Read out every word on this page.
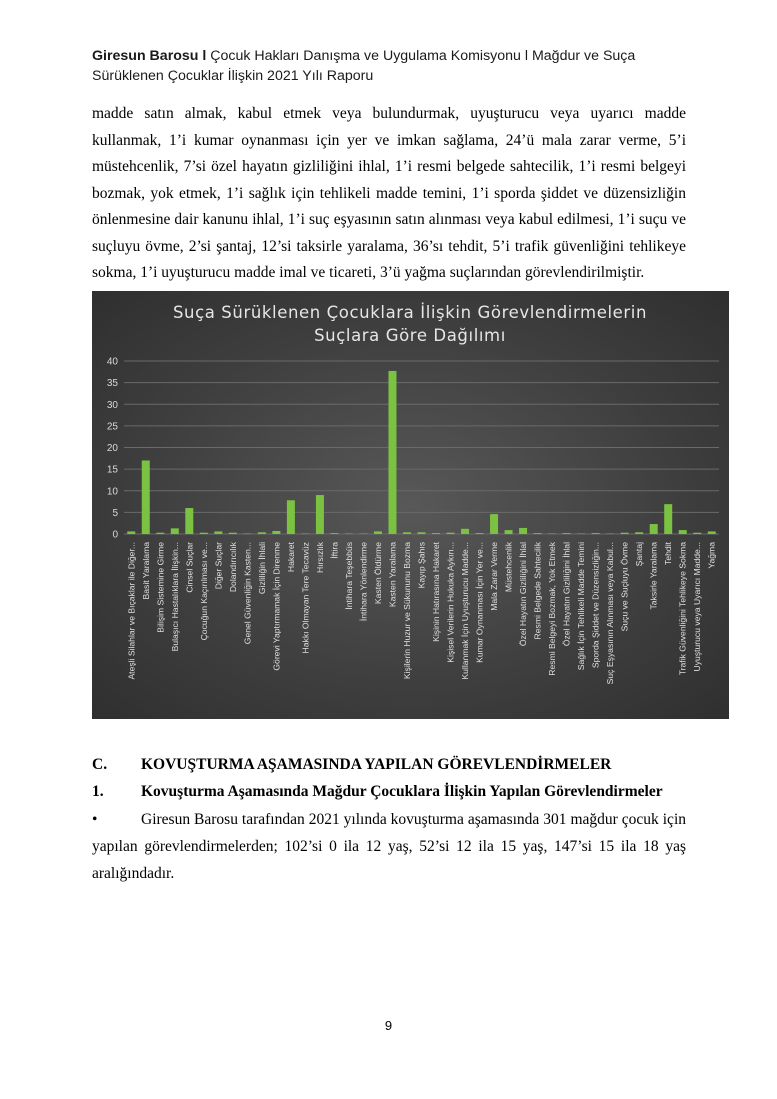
Giresun Barosu l Çocuk Hakları Danışma ve Uygulama Komisyonu l Mağdur ve Suça Sürüklenen Çocuklar İlişkin 2021 Yılı Raporu

madde satın almak, kabul etmek veya bulundurmak, uyuşturucu veya uyarıcı madde kullanmak, 1’i kumar oynanması için yer ve imkan sağlama, 24’ü mala zarar verme, 5’i müstehcenlik, 7’si özel hayatın gizliliğini ihlal, 1’i resmi belgede sahtecilik, 1’i resmi belgeyi bozmak, yok etmek, 1’i sağlık için tehlikeli madde temini, 1’i sporda şiddet ve düzensizliğin önlenmesine dair kanunu ihlal, 1’i suç eşyasının satın alınması veya kabul edilmesi, 1’i suçu ve suçluyu övme, 2’si şantaj, 12’si taksirle yaralama, 36’sı tehdit, 5’i trafik güvenliğini tehlikeye sokma, 1’i uyuşturucu madde imal ve ticareti, 3’ü yağma suçlarından görevlendirilmiştir.

Suça Sürüklenen Çocuklara İlişkin Görevlendirmelerin
Suçlara Göre Dağılımı
0
5
10
15
20
25
30
35
40
Ateşli Silahlar ve Bıçaklar ile Diğer... Basit Yaralama Bilişim Sistemine Girme Bulaşıcı Hastalıklara İlişkin... Cinsel Suçlar Çocuğun Kaçırılması ve... Diğer Suçlar Dolandırıcılık Genel Güvenliğin Kasten... Gizliliğin İhlali Görevi Yaptırmamak İçin Direnme Hakaret Hakkı Olmayan Tere Tecavüz Hırsızlık İftira İntihara Teşebbüs İntihara Yönlendirme Kasten Öldürme Kasten Yaralama Kişilerin Huzur ve Sükununu Bozma Kayıp Şahıs Kişinin Hatırasına Hakaret Kişisel Verilerin Hukuka Aykırı... Kullanmak İçin Uyuşturucu Madde... Kumar Oynanması İçin Yer ve... Mala Zarar Verme Müstehcenlik Özel Hayatın Gizliliğini İhlal Resmi Belgede Sahtecilik Resmi Belgeyi Bozmak, Yok Etmek Özel Hayatın Gizliliğini İhlal Sağlık İçin Tehlikeli Madde Temini Sporda Şiddet ve Düzensizliğin... Suç Eşyasının Alınması veya Kabul... Suçu ve Suçluyu Övme Şantaj Taksirle Yaralama Tehdit Trafik Güvenliğini Tehlikeye Sokma Uyuşturucu veya Uyarıcı Madde... Yağma
C. KOVUŞTURMA AŞAMASINDA YAPILAN GÖREVLENDİRMELER
1. Kovuşturma Aşamasında Mağdur Çocuklara İlişkin Yapılan Görevlendirmeler

•	Giresun Barosu tarafından 2021 yılında kovuşturma aşamasında 301 mağdur çocuk için yapılan görevlendirmelerden; 102’si 0 ila 12 yaş, 52’si 12 ila 15 yaş, 147’si 15 ila 18 yaş aralığındadır.

9
